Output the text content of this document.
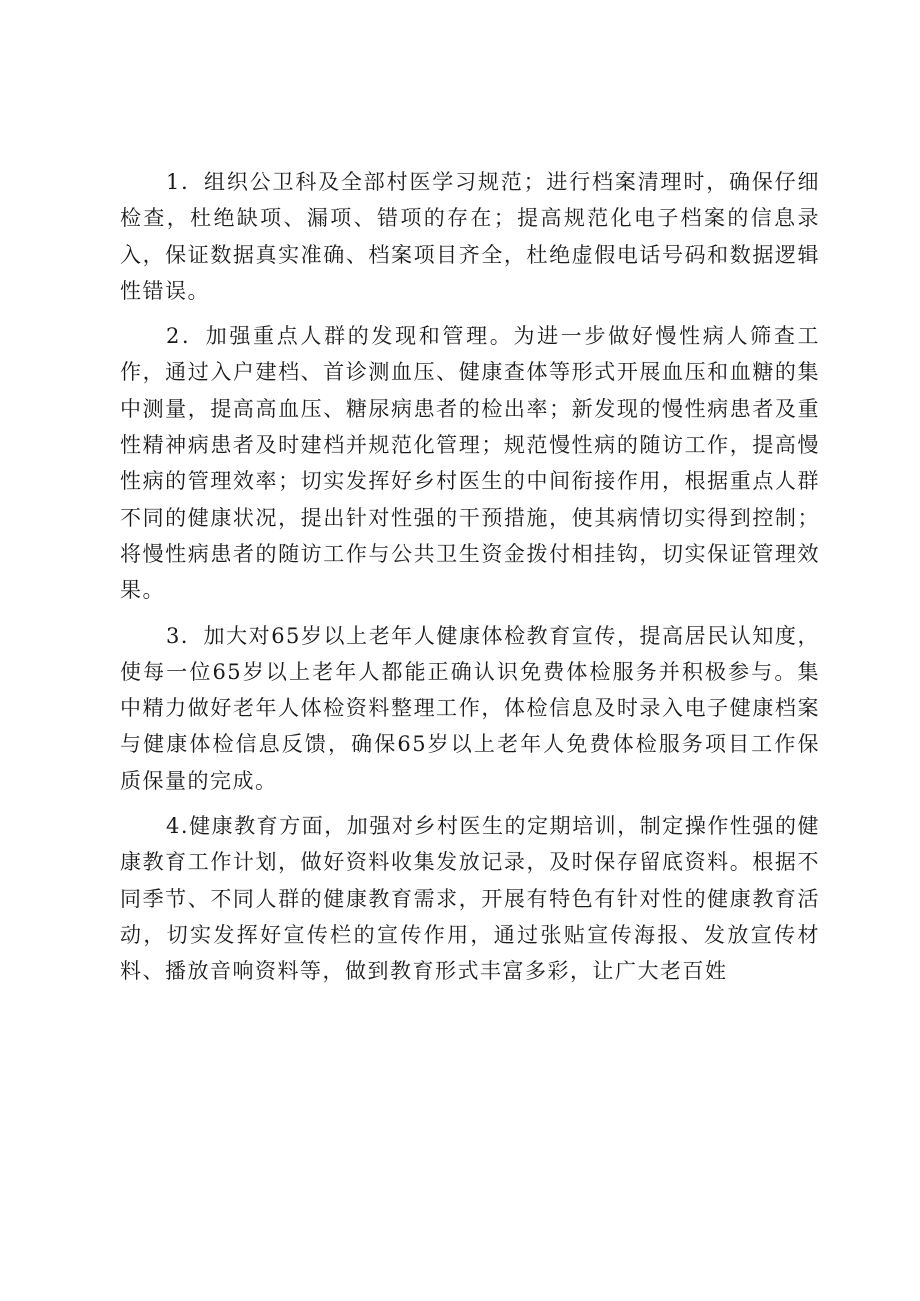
1．组织公卫科及全部村医学习规范；进行档案清理时，确保仔细检查，杜绝缺项、漏项、错项的存在；提高规范化电子档案的信息录入，保证数据真实准确、档案项目齐全，杜绝虚假电话号码和数据逻辑性错误。

2．加强重点人群的发现和管理。为进一步做好慢性病人筛查工作，通过入户建档、首诊测血压、健康查体等形式开展血压和血糖的集中测量，提高高血压、糖尿病患者的检出率；新发现的慢性病患者及重性精神病患者及时建档并规范化管理；规范慢性病的随访工作，提高慢性病的管理效率；切实发挥好乡村医生的中间衔接作用，根据重点人群不同的健康状况，提出针对性强的干预措施，使其病情切实得到控制；将慢性病患者的随访工作与公共卫生资金拨付相挂钩，切实保证管理效果。

3．加大对65岁以上老年人健康体检教育宣传，提高居民认知度，使每一位65岁以上老年人都能正确认识免费体检服务并积极参与。集中精力做好老年人体检资料整理工作，体检信息及时录入电子健康档案与健康体检信息反馈，确保65岁以上老年人免费体检服务项目工作保质保量的完成。

4.健康教育方面，加强对乡村医生的定期培训，制定操作性强的健康教育工作计划，做好资料收集发放记录，及时保存留底资料。根据不同季节、不同人群的健康教育需求，开展有特色有针对性的健康教育活动，切实发挥好宣传栏的宣传作用，通过张贴宣传海报、发放宣传材料、播放音响资料等，做到教育形式丰富多彩，让广大老百姓
